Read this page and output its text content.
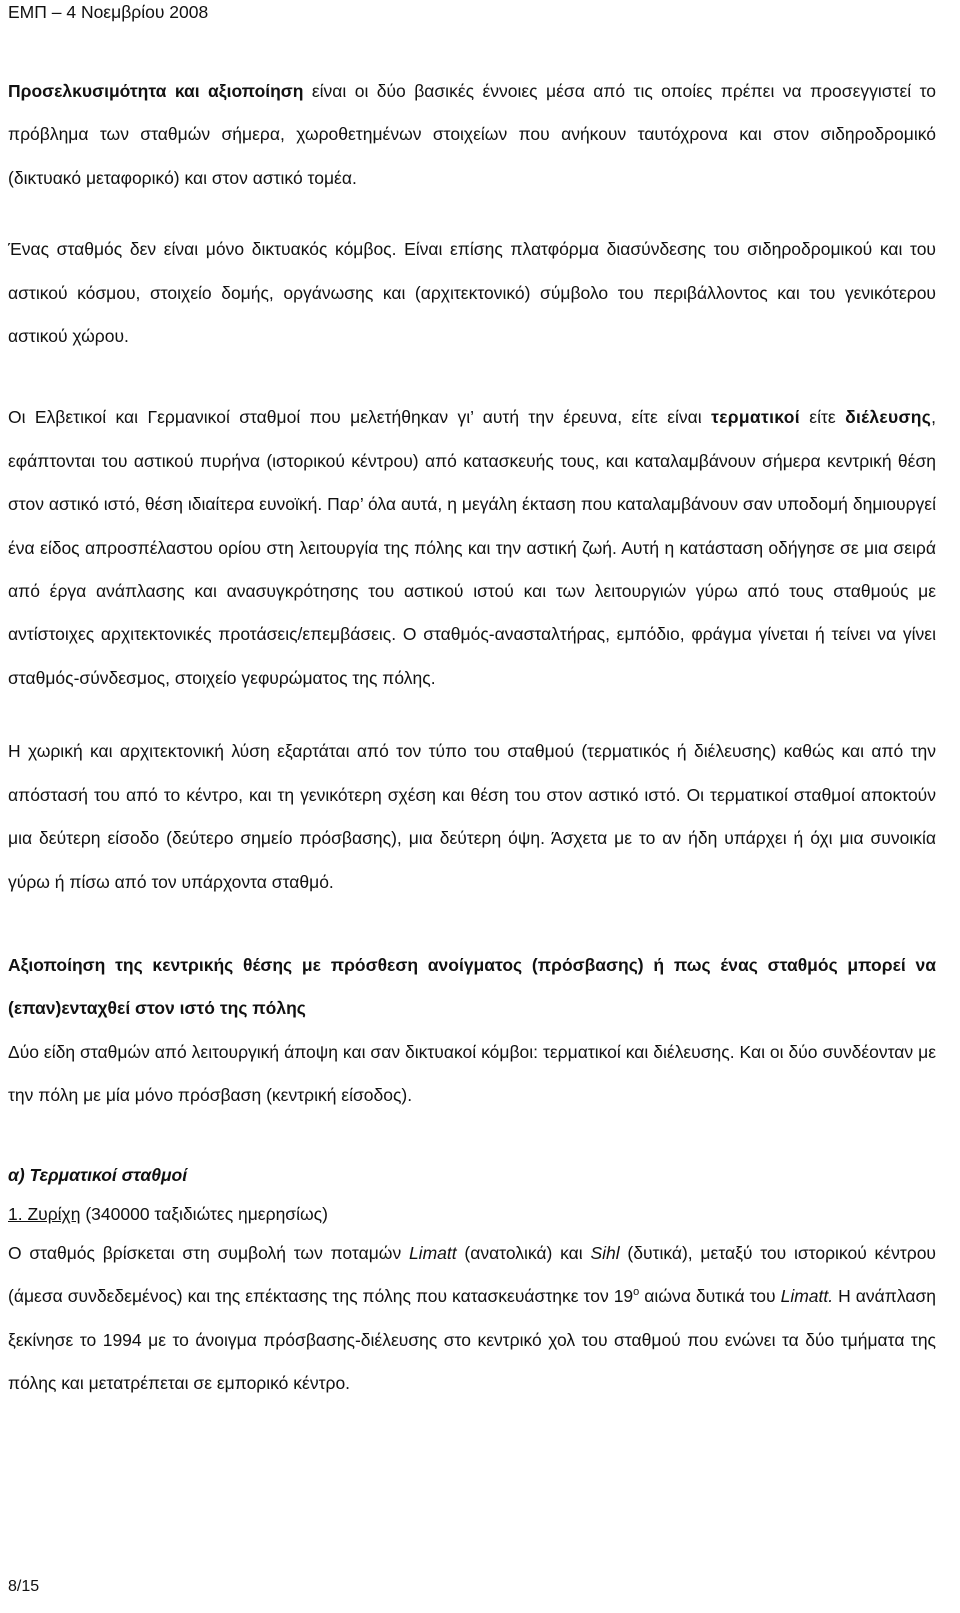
ΕΜΠ – 4 Νοεμβρίου 2008

Προσελκυσιμότητα και αξιοποίηση είναι οι δύο βασικές έννοιες μέσα από τις οποίες πρέπει να προσεγγιστεί το πρόβλημα των σταθμών σήμερα, χωροθετημένων στοιχείων που ανήκουν ταυτόχρονα και στον σιδηροδρομικό (δικτυακό μεταφορικό) και στον αστικό τομέα.

Ένας σταθμός δεν είναι μόνο δικτυακός κόμβος. Είναι επίσης πλατφόρμα διασύνδεσης του σιδηροδρομικού και του αστικού κόσμου, στοιχείο δομής, οργάνωσης και (αρχιτεκτονικό) σύμβολο του περιβάλλοντος και του γενικότερου αστικού χώρου.

Οι Ελβετικοί και Γερμανικοί σταθμοί που μελετήθηκαν γι’ αυτή την έρευνα, είτε είναι τερματικοί είτε διέλευσης, εφάπτονται του αστικού πυρήνα (ιστορικού κέντρου) από κατασκευής τους, και καταλαμβάνουν σήμερα κεντρική θέση στον αστικό ιστό, θέση ιδιαίτερα ευνοϊκή. Παρ’ όλα αυτά, η μεγάλη έκταση που καταλαμβάνουν σαν υποδομή δημιουργεί ένα είδος απροσπέλαστου ορίου στη λειτουργία της πόλης και την αστική ζωή. Αυτή η κατάσταση οδήγησε σε μια σειρά από έργα ανάπλασης και ανασυγκρότησης του αστικού ιστού και των λειτουργιών γύρω από τους σταθμούς με αντίστοιχες αρχιτεκτονικές προτάσεις/επεμβάσεις. Ο σταθμός-ανασταλτήρας, εμπόδιο, φράγμα γίνεται ή τείνει να γίνει σταθμός-σύνδεσμος, στοιχείο γεφυρώματος της πόλης.

Η χωρική και αρχιτεκτονική λύση εξαρτάται από τον τύπο του σταθμού (τερματικός ή διέλευσης) καθώς και από την απόστασή του από το κέντρο, και τη γενικότερη σχέση και θέση του στον αστικό ιστό. Οι τερματικοί σταθμοί αποκτούν μια δεύτερη είσοδο (δεύτερο σημείο πρόσβασης), μια δεύτερη όψη. Άσχετα με το αν ήδη υπάρχει ή όχι μια συνοικία γύρω ή πίσω από τον υπάρχοντα σταθμό.

Αξιοποίηση της κεντρικής θέσης με πρόσθεση ανοίγματος (πρόσβασης) ή πως ένας σταθμός μπορεί να (επαν)ενταχθεί στον ιστό της πόλης

Δύο είδη σταθμών από λειτουργική άποψη και σαν δικτυακοί κόμβοι: τερματικοί και διέλευσης. Και οι δύο συνδέονταν με την πόλη με μία μόνο πρόσβαση (κεντρική είσοδος).

α) Τερματικοί σταθμοί

1. Ζυρίχη (340000 ταξιδιώτες ημερησίως)

Ο σταθμός βρίσκεται στη συμβολή των ποταμών Limatt (ανατολικά) και Sihl (δυτικά), μεταξύ του ιστορικού κέντρου (άμεσα συνδεδεμένος) και της επέκτασης της πόλης που κατασκευάστηκε τον $19^o$ αιώνα δυτικά του Limatt. Η ανάπλαση ξεκίνησε το 1994 με το άνοιγμα πρόσβασης-διέλευσης στο κεντρικό χολ του σταθμού που ενώνει τα δύο τμήματα της πόλης και μετατρέπεται σε εμπορικό κέντρο.

8/15
